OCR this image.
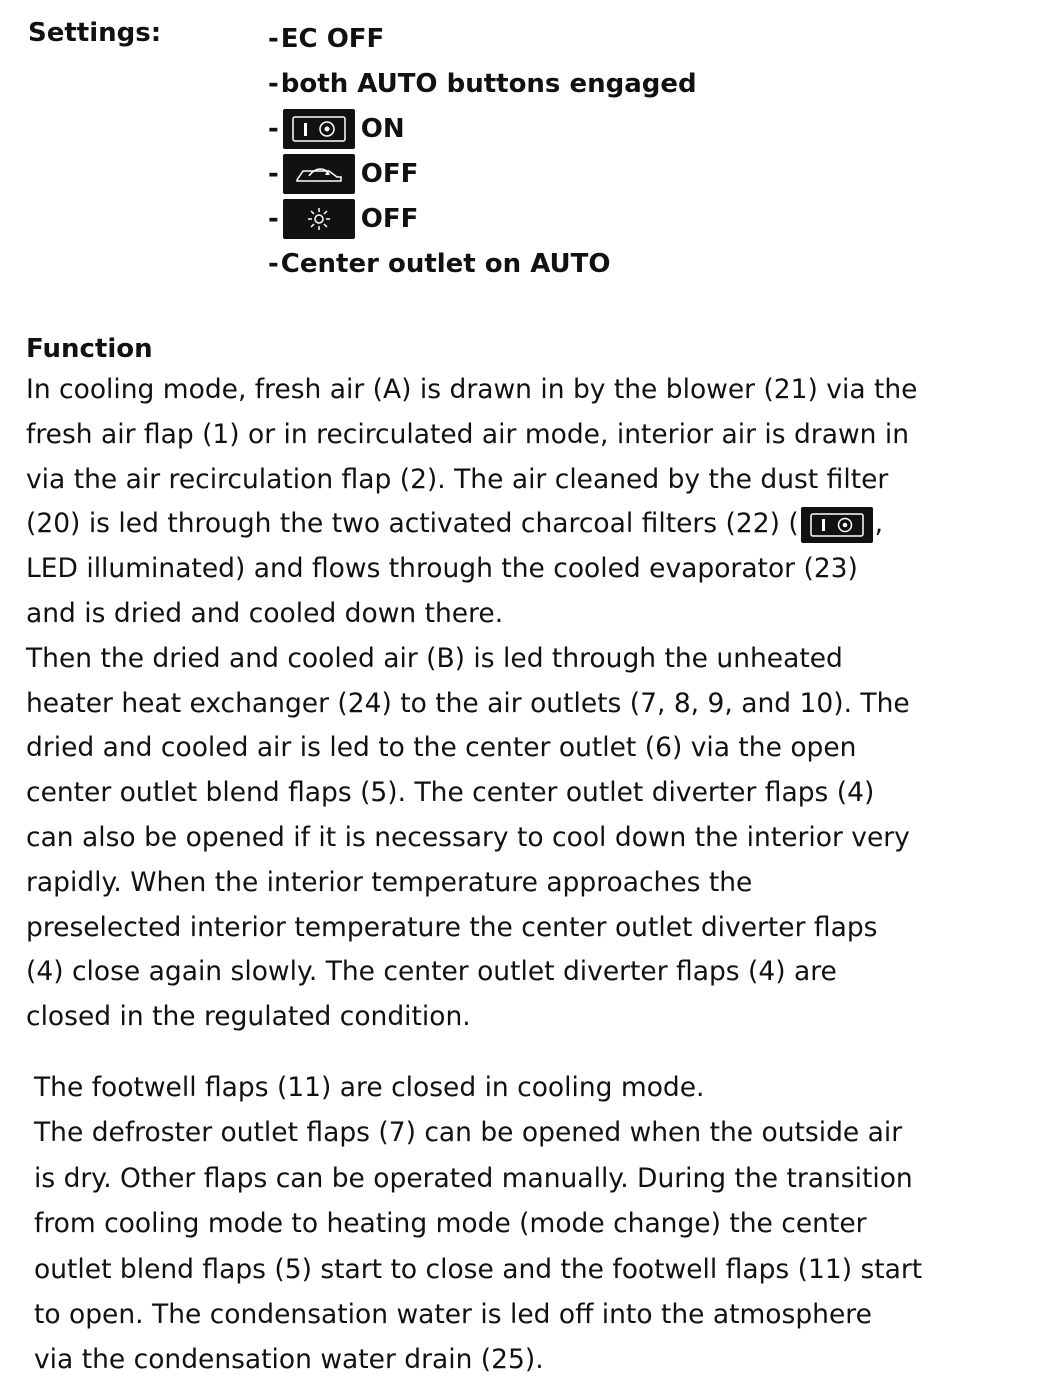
Settings:	- EC OFF
- both AUTO buttons engaged
-	ON
-	OFF
-	OFF
- Center outlet on AUTO
Function
In cooling mode, fresh air (A) is drawn in by the blower (21) via the
fresh air flap (1) or in recirculated air mode, interior air is drawn in
via the air recirculation flap (2). The air cleaned by the dust filter
(20) is led through the two activated charcoal filters (22) (	,
LED illuminated) and flows through the cooled evaporator (23)
and is dried and cooled down there.
Then the dried and cooled air (B) is led through the unheated
heater heat exchanger (24) to the air outlets (7, 8, 9, and 10). The
dried and cooled air is led to the center outlet (6) via the open
center outlet blend flaps (5). The center outlet diverter flaps (4)
can also be opened if it is necessary to cool down the interior very
rapidly. When the interior temperature approaches the
preselected interior temperature the center outlet diverter flaps
(4) close again slowly. The center outlet diverter flaps (4) are
closed in the regulated condition.
The footwell flaps (11) are closed in cooling mode.
The defroster outlet flaps (7) can be opened when the outside air
is dry. Other flaps can be operated manually. During the transition
from cooling mode to heating mode (mode change) the center
outlet blend flaps (5) start to close and the footwell flaps (11) start
to open. The condensation water is led off into the atmosphere
via the condensation water drain (25).
